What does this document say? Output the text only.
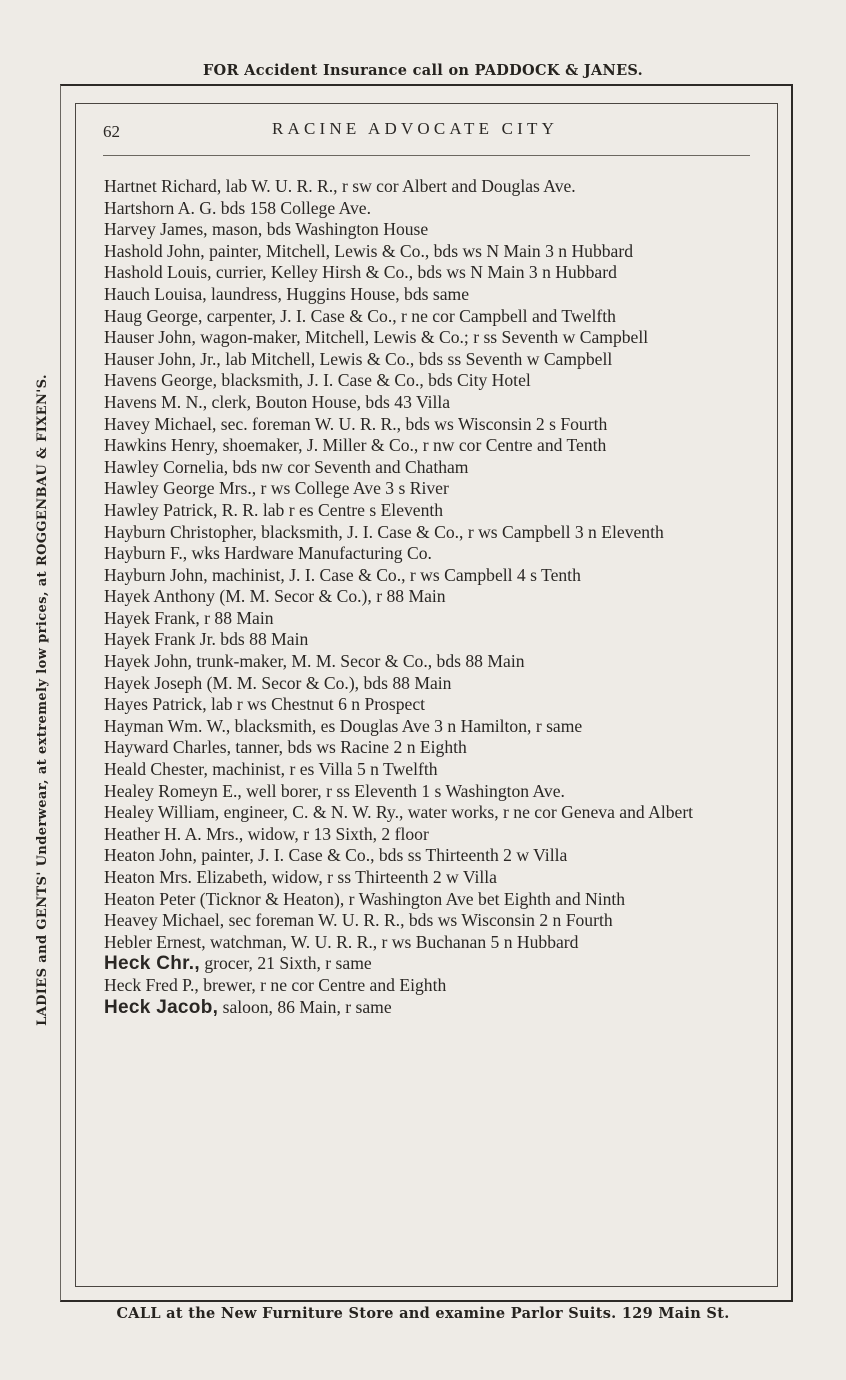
FOR Accident Insurance call on PADDOCK & JANES.
LADIES and GENTS' Underwear, at extremely low prices, at ROGGENBAU & FIXEN'S.
62	RACINE ADVOCATE CITY
Hartnet Richard, lab W. U. R. R., r sw cor Albert and Douglas Ave.
Hartshorn A. G. bds 158 College Ave.
Harvey James, mason, bds Washington House
Hashold John, painter, Mitchell, Lewis & Co., bds ws N Main 3 n Hubbard
Hashold Louis, currier, Kelley Hirsh & Co., bds ws N Main 3 n Hubbard
Hauch Louisa, laundress, Huggins House, bds same
Haug George, carpenter, J. I. Case & Co., r ne cor Campbell and Twelfth
Hauser John, wagon-maker, Mitchell, Lewis & Co.; r ss Seventh w Campbell
Hauser John, Jr., lab Mitchell, Lewis & Co., bds ss Seventh w Campbell
Havens George, blacksmith, J. I. Case & Co., bds City Hotel
Havens M. N., clerk, Bouton House, bds 43 Villa
Havey Michael, sec. foreman W. U. R. R., bds ws Wisconsin 2 s Fourth
Hawkins Henry, shoemaker, J. Miller & Co., r nw cor Centre and Tenth
Hawley Cornelia, bds nw cor Seventh and Chatham
Hawley George Mrs., r ws College Ave 3 s River
Hawley Patrick, R. R. lab r es Centre s Eleventh
Hayburn Christopher, blacksmith, J. I. Case & Co., r ws Campbell 3 n Eleventh
Hayburn F., wks Hardware Manufacturing Co.
Hayburn John, machinist, J. I. Case & Co., r ws Campbell 4 s Tenth
Hayek Anthony (M. M. Secor & Co.), r 88 Main
Hayek Frank, r 88 Main
Hayek Frank Jr. bds 88 Main
Hayek John, trunk-maker, M. M. Secor & Co., bds 88 Main
Hayek Joseph (M. M. Secor & Co.), bds 88 Main
Hayes Patrick, lab r ws Chestnut 6 n Prospect
Hayman Wm. W., blacksmith, es Douglas Ave 3 n Hamilton, r same
Hayward Charles, tanner, bds ws Racine 2 n Eighth
Heald Chester, machinist, r es Villa 5 n Twelfth
Healey Romeyn E., well borer, r ss Eleventh 1 s Washington Ave.
Healey William, engineer, C. & N. W. Ry., water works, r ne cor Geneva and Albert
Heather H. A. Mrs., widow, r 13 Sixth, 2 floor
Heaton John, painter, J. I. Case & Co., bds ss Thirteenth 2 w Villa
Heaton Mrs. Elizabeth, widow, r ss Thirteenth 2 w Villa
Heaton Peter (Ticknor & Heaton), r Washington Ave bet Eighth and Ninth
Heavey Michael, sec foreman W. U. R. R., bds ws Wisconsin 2 n Fourth
Hebler Ernest, watchman, W. U. R. R., r ws Buchanan 5 n Hubbard
Heck Chr., grocer, 21 Sixth, r same
Heck Fred P., brewer, r ne cor Centre and Eighth
Heck Jacob, saloon, 86 Main, r same
CALL at the New Furniture Store and examine Parlor Suits. 129 Main St.
